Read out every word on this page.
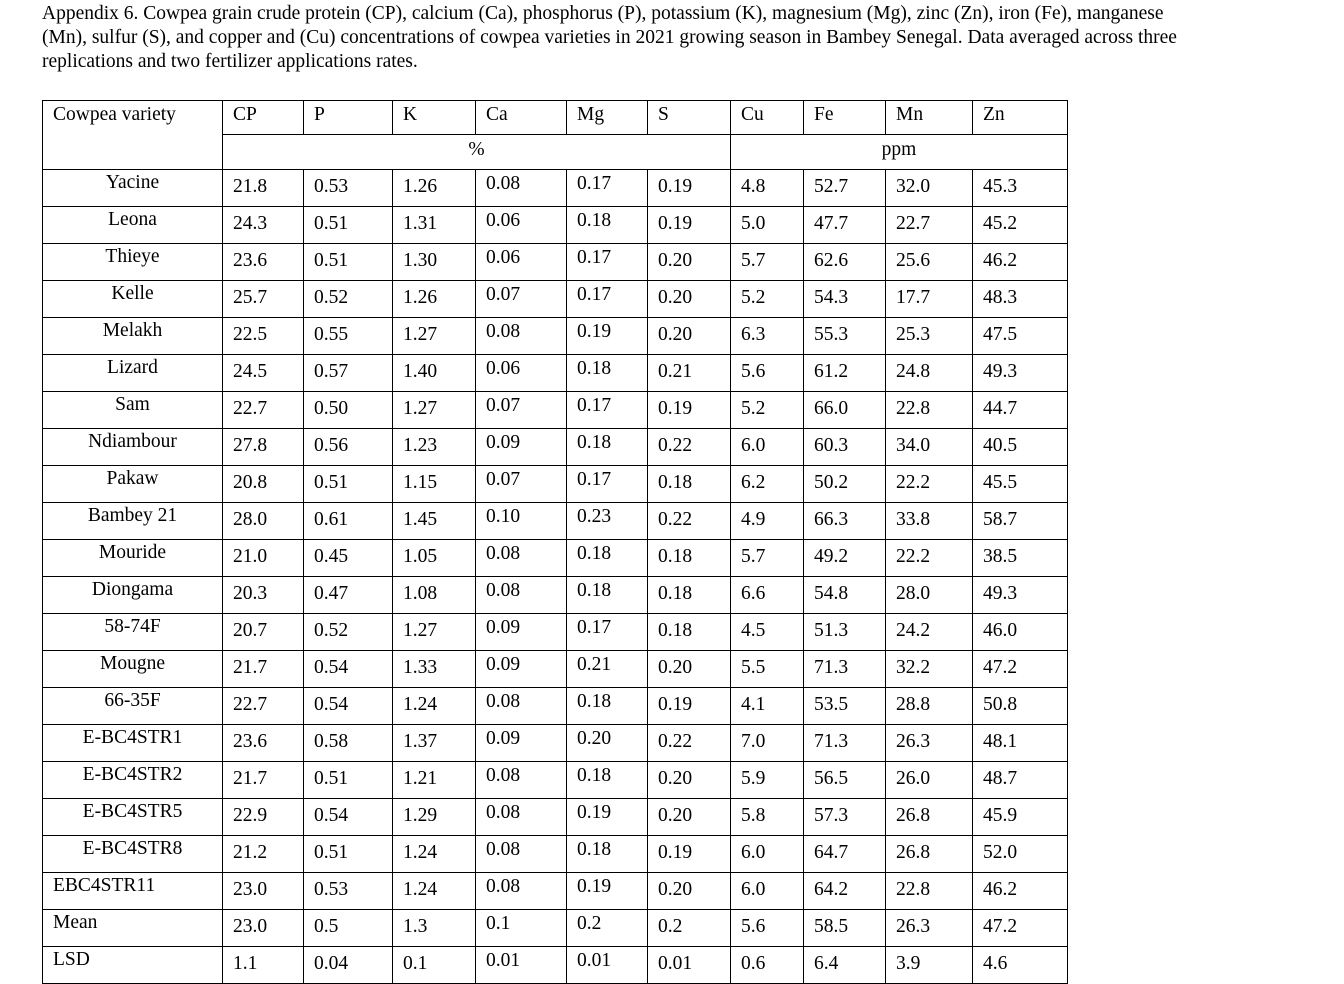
Appendix 6. Cowpea grain crude protein (CP), calcium (Ca), phosphorus (P), potassium (K), magnesium (Mg), zinc (Zn), iron (Fe), manganese
(Mn), sulfur (S), and copper and (Cu) concentrations of cowpea varieties in 2021 growing season in Bambey Senegal. Data averaged across three
replications and two fertilizer applications rates.
Cowpea variety	CP	P	K	Ca	Mg	S	Cu	Fe	Mn	Zn
	%						ppm			
Yacine	21.8	0.53	1.26	0.08	0.17	0.19	4.8	52.7	32.0	45.3
Leona	24.3	0.51	1.31	0.06	0.18	0.19	5.0	47.7	22.7	45.2
Thieye	23.6	0.51	1.30	0.06	0.17	0.20	5.7	62.6	25.6	46.2
Kelle	25.7	0.52	1.26	0.07	0.17	0.20	5.2	54.3	17.7	48.3
Melakh	22.5	0.55	1.27	0.08	0.19	0.20	6.3	55.3	25.3	47.5
Lizard	24.5	0.57	1.40	0.06	0.18	0.21	5.6	61.2	24.8	49.3
Sam	22.7	0.50	1.27	0.07	0.17	0.19	5.2	66.0	22.8	44.7
Ndiambour	27.8	0.56	1.23	0.09	0.18	0.22	6.0	60.3	34.0	40.5
Pakaw	20.8	0.51	1.15	0.07	0.17	0.18	6.2	50.2	22.2	45.5
Bambey 21	28.0	0.61	1.45	0.10	0.23	0.22	4.9	66.3	33.8	58.7
Mouride	21.0	0.45	1.05	0.08	0.18	0.18	5.7	49.2	22.2	38.5
Diongama	20.3	0.47	1.08	0.08	0.18	0.18	6.6	54.8	28.0	49.3
58-74F	20.7	0.52	1.27	0.09	0.17	0.18	4.5	51.3	24.2	46.0
Mougne	21.7	0.54	1.33	0.09	0.21	0.20	5.5	71.3	32.2	47.2
66-35F	22.7	0.54	1.24	0.08	0.18	0.19	4.1	53.5	28.8	50.8
E-BC4STR1	23.6	0.58	1.37	0.09	0.20	0.22	7.0	71.3	26.3	48.1
E-BC4STR2	21.7	0.51	1.21	0.08	0.18	0.20	5.9	56.5	26.0	48.7
E-BC4STR5	22.9	0.54	1.29	0.08	0.19	0.20	5.8	57.3	26.8	45.9
E-BC4STR8	21.2	0.51	1.24	0.08	0.18	0.19	6.0	64.7	26.8	52.0
EBC4STR11	23.0	0.53	1.24	0.08	0.19	0.20	6.0	64.2	22.8	46.2
Mean	23.0	0.5	1.3	0.1	0.2	0.2	5.6	58.5	26.3	47.2
LSD	1.1	0.04	0.1	0.01	0.01	0.01	0.6	6.4	3.9	4.6
